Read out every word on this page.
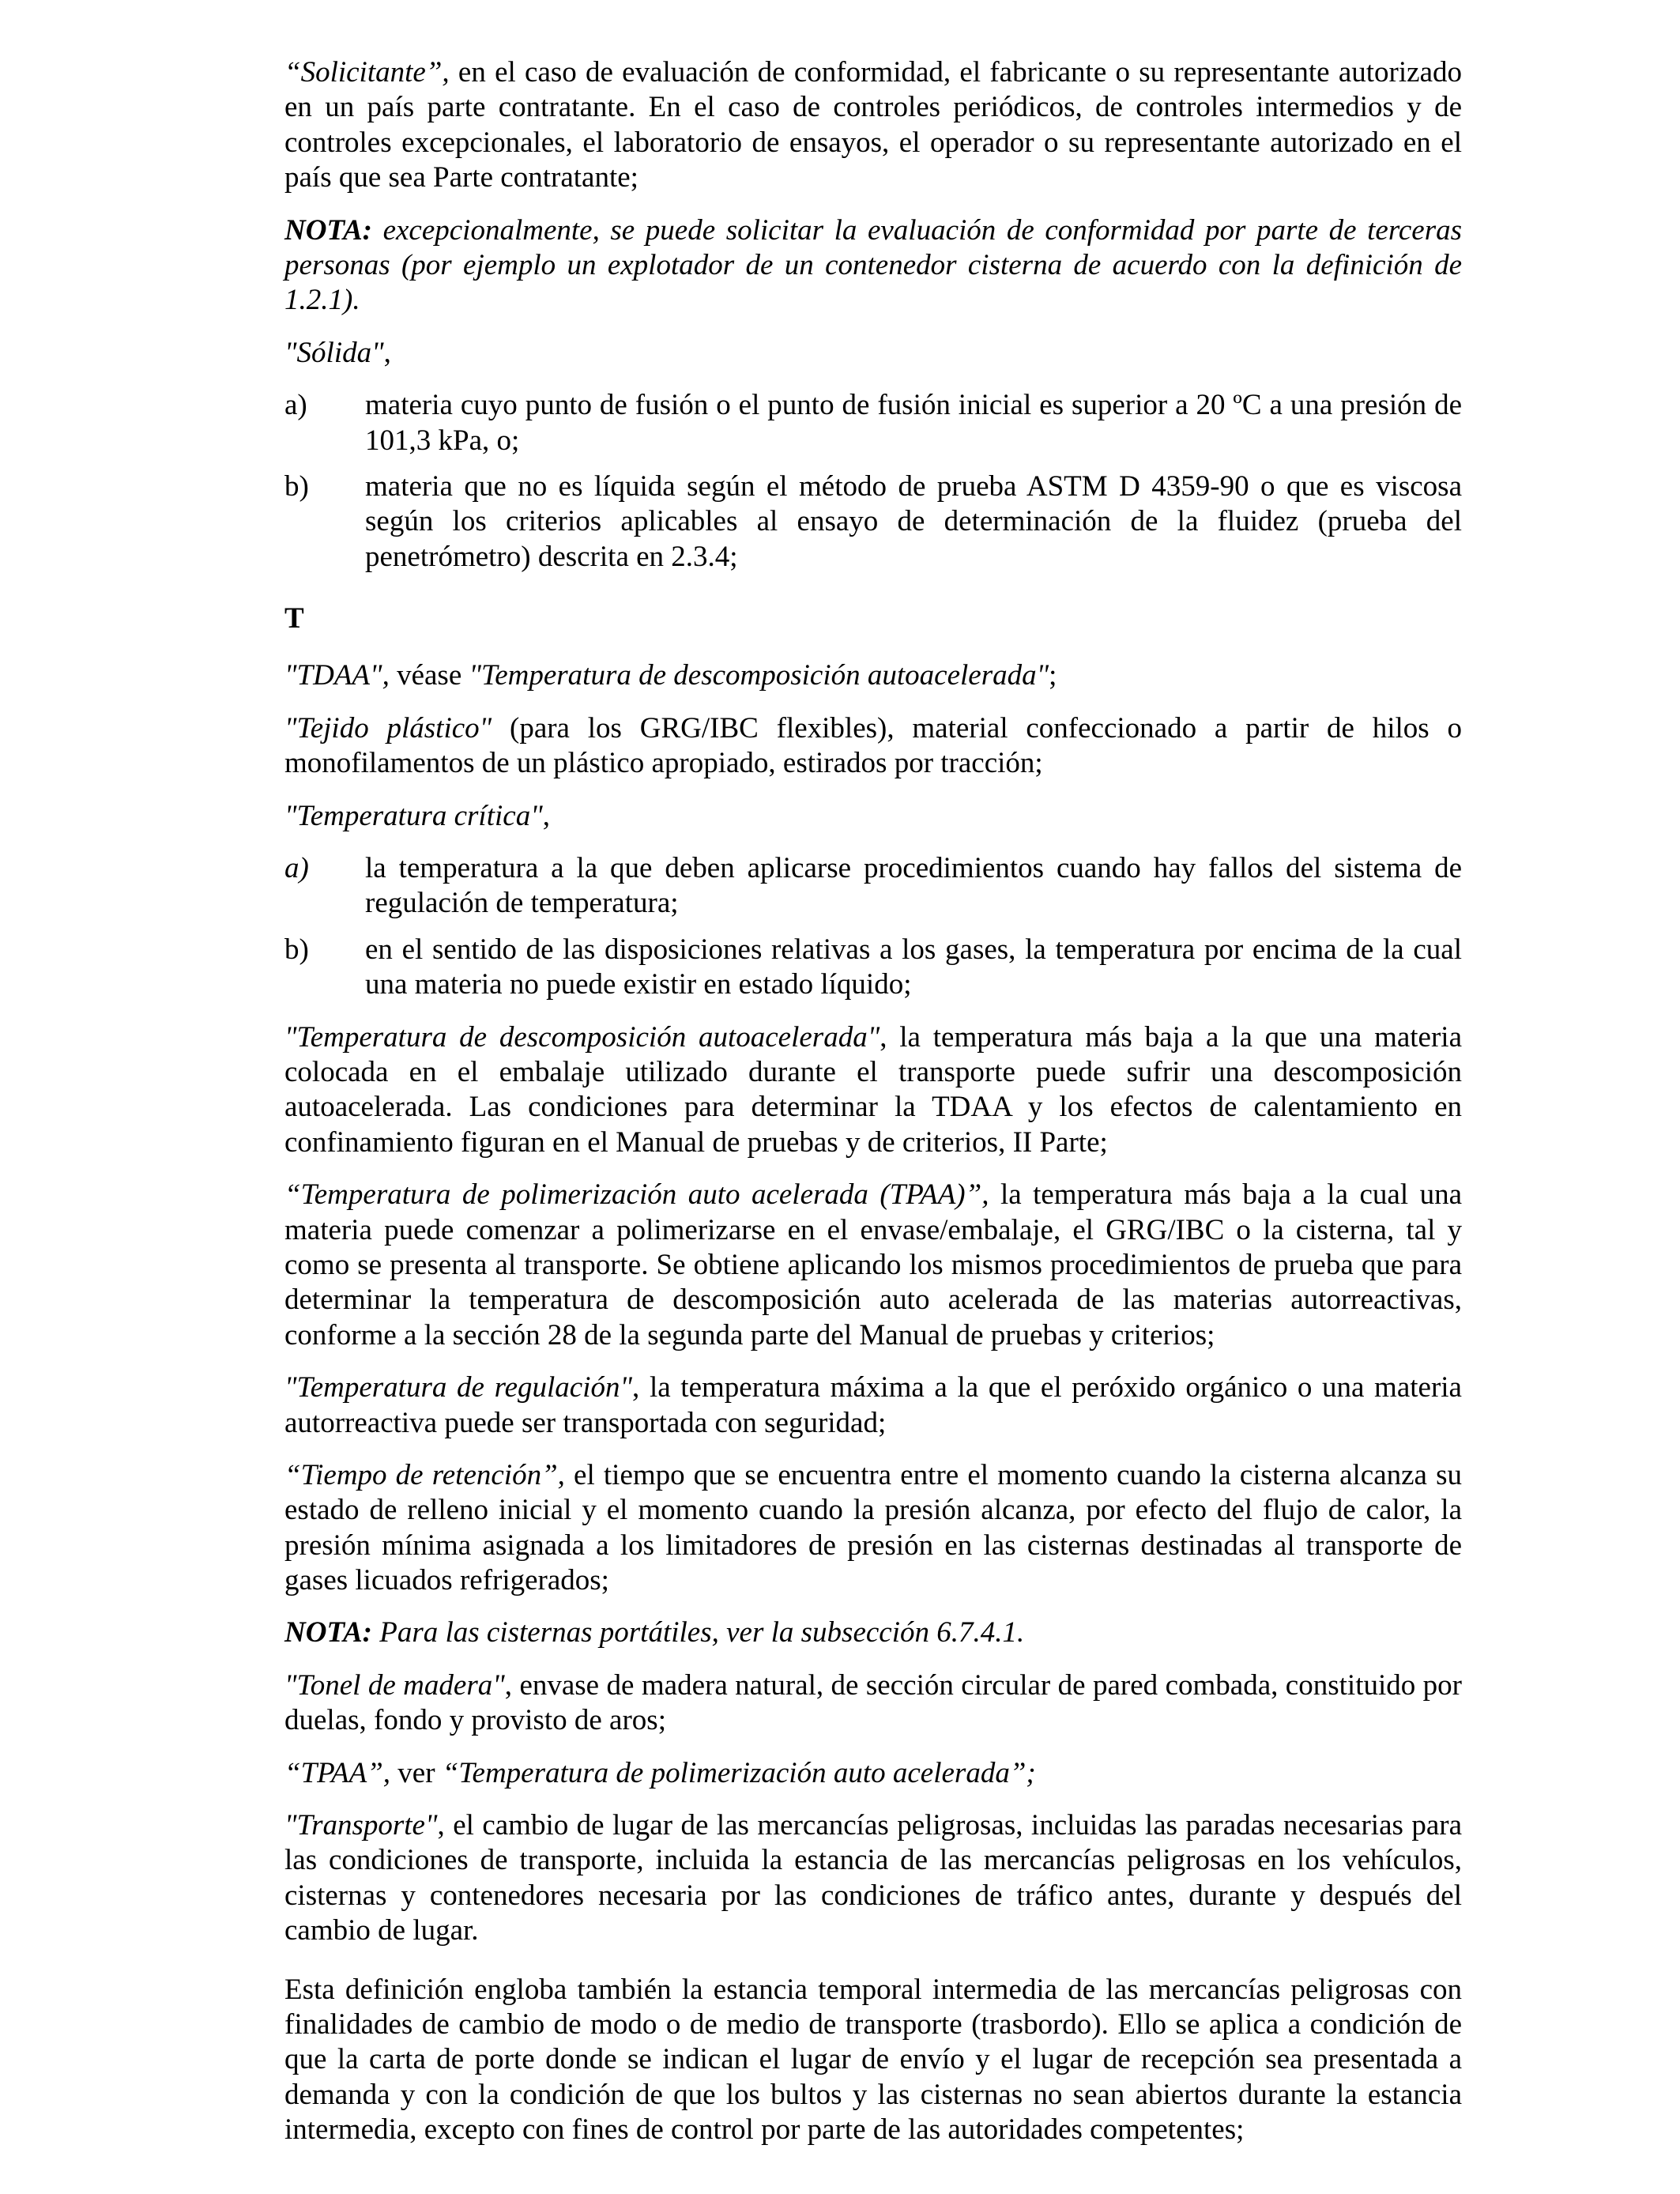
“Solicitante”, en el caso de evaluación de conformidad, el fabricante o su representante autorizado en un país parte contratante. En el caso de controles periódicos, de controles intermedios y de controles excepcionales, el laboratorio de ensayos, el operador o su representante autorizado en el país que sea Parte contratante;

NOTA: excepcionalmente, se puede solicitar la evaluación de conformidad por parte de terceras personas (por ejemplo un explotador de un contenedor cisterna de acuerdo con la definición de 1.2.1).

"Sólida",

a)	materia cuyo punto de fusión o el punto de fusión inicial es superior a 20 ºC a una presión de 101,3 kPa, o;
b)	materia que no es líquida según el método de prueba ASTM D 4359-90 o que es viscosa según los criterios aplicables al ensayo de determinación de la fluidez (prueba del penetrómetro) descrita en 2.3.4;

T

"TDAA", véase "Temperatura de descomposición autoacelerada";

"Tejido plástico" (para los GRG/IBC flexibles), material confeccionado a partir de hilos o monofilamentos de un plástico apropiado, estirados por tracción;

"Temperatura crítica",

a)	la temperatura a la que deben aplicarse procedimientos cuando hay fallos del sistema de regulación de temperatura;
b)	en el sentido de las disposiciones relativas a los gases, la temperatura por encima de la cual una materia no puede existir en estado líquido;

"Temperatura de descomposición autoacelerada", la temperatura más baja a la que una materia colocada en el embalaje utilizado durante el transporte puede sufrir una descomposición autoacelerada. Las condiciones para determinar la TDAA y los efectos de calentamiento en confinamiento figuran en el Manual de pruebas y de criterios, II Parte;

“Temperatura de polimerización auto acelerada (TPAA)”, la temperatura más baja a la cual una materia puede comenzar a polimerizarse en el envase/embalaje, el GRG/IBC o la cisterna, tal y como se presenta al transporte. Se obtiene aplicando los mismos procedimientos de prueba que para determinar la temperatura de descomposición auto acelerada de las materias autorreactivas, conforme a la sección 28 de la segunda parte del Manual de pruebas y criterios;

"Temperatura de regulación", la temperatura máxima a la que el peróxido orgánico o una materia autorreactiva puede ser transportada con seguridad;

“Tiempo de retención”, el tiempo que se encuentra entre el momento cuando la cisterna alcanza su estado de relleno inicial y el momento cuando la presión alcanza, por efecto del flujo de calor, la presión mínima asignada a los limitadores de presión en las cisternas destinadas al transporte de gases licuados refrigerados;

NOTA: Para las cisternas portátiles, ver la subsección 6.7.4.1.

"Tonel de madera", envase de madera natural, de sección circular de pared combada, constituido por duelas, fondo y provisto de aros;

“TPAA”, ver “Temperatura de polimerización auto acelerada”;

"Transporte", el cambio de lugar de las mercancías peligrosas, incluidas las paradas necesarias para las condiciones de transporte, incluida la estancia de las mercancías peligrosas en los vehículos, cisternas y contenedores necesaria por las condiciones de tráfico antes, durante y después del cambio de lugar.

Esta definición engloba también la estancia temporal intermedia de las mercancías peligrosas con finalidades de cambio de modo o de medio de transporte (trasbordo). Ello se aplica a condición de que la carta de porte donde se indican el lugar de envío y el lugar de recepción sea presentada a demanda y con la condición de que los bultos y las cisternas no sean abiertos durante la estancia intermedia, excepto con fines de control por parte de las autoridades competentes;
